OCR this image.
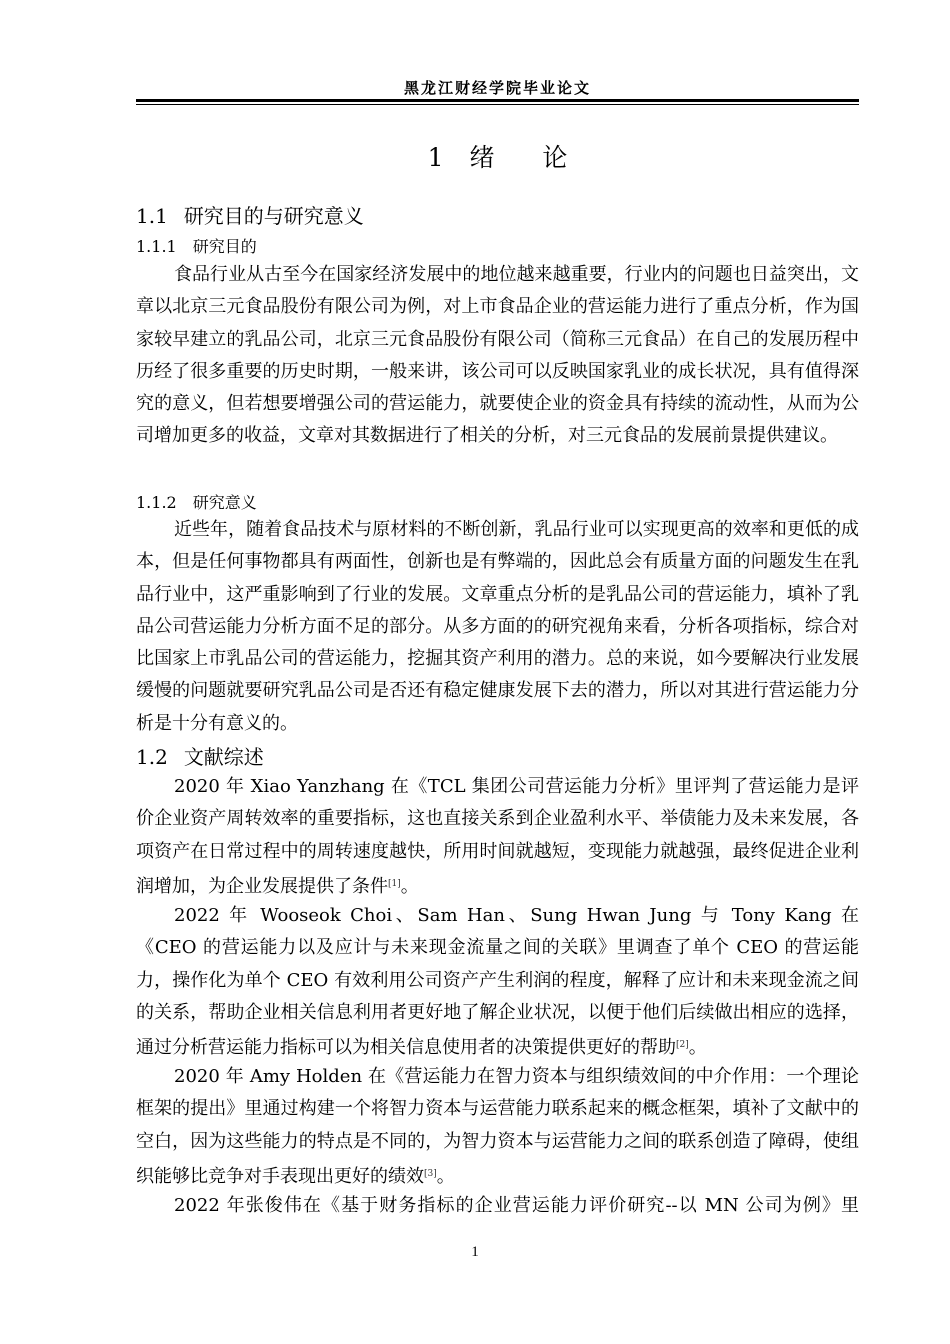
黑龙江财经学院毕业论文
1 绪 论
1.1 研究目的与研究意义
1.1.1 研究目的

食品行业从古至今在国家经济发展中的地位越来越重要，行业内的问题也日益突出，文章以北京三元食品股份有限公司为例，对上市食品企业的营运能力进行了重点分析，作为国家较早建立的乳品公司，北京三元食品股份有限公司（简称三元食品）在自己的发展历程中历经了很多重要的历史时期，一般来讲，该公司可以反映国家乳业的成长状况，具有值得深究的意义，但若想要增强公司的营运能力，就要使企业的资金具有持续的流动性，从而为公司增加更多的收益，文章对其数据进行了相关的分析，对三元食品的发展前景提供建议。

1.1.2 研究意义

近些年，随着食品技术与原材料的不断创新，乳品行业可以实现更高的效率和更低的成本，但是任何事物都具有两面性，创新也是有弊端的，因此总会有质量方面的问题发生在乳品行业中，这严重影响到了行业的发展。文章重点分析的是乳品公司的营运能力，填补了乳品公司营运能力分析方面不足的部分。从多方面的的研究视角来看，分析各项指标，综合对比国家上市乳品公司的营运能力，挖掘其资产利用的潜力。总的来说，如今要解决行业发展缓慢的问题就要研究乳品公司是否还有稳定健康发展下去的潜力，所以对其进行营运能力分析是十分有意义的。

1.2 文献综述

2020 年 Xiao Yanzhang 在《TCL 集团公司营运能力分析》里评判了营运能力是评价企业资产周转效率的重要指标，这也直接关系到企业盈利水平、举债能力及未来发展，各项资产在日常过程中的周转速度越快，所用时间就越短，变现能力就越强，最终促进企业利润增加，为企业发展提供了条件[1]。

2022 年 Wooseok Choi、Sam Han、Sung Hwan Jung 与 Tony Kang 在《CEO 的营运能力以及应计与未来现金流量之间的关联》里调查了单个 CEO 的营运能力，操作化为单个 CEO 有效利用公司资产产生利润的程度，解释了应计和未来现金流之间的关系，帮助企业相关信息利用者更好地了解企业状况，以便于他们后续做出相应的选择，通过分析营运能力指标可以为相关信息使用者的决策提供更好的帮助[2]。

2020 年 Amy Holden 在《营运能力在智力资本与组织绩效间的中介作用：一个理论框架的提出》里通过构建一个将智力资本与运营能力联系起来的概念框架，填补了文献中的空白，因为这些能力的特点是不同的，为智力资本与运营能力之间的联系创造了障碍，使组织能够比竞争对手表现出更好的绩效[3]。

2022 年张俊伟在《基于财务指标的企业营运能力评价研究--以 MN 公司为例》里

1
